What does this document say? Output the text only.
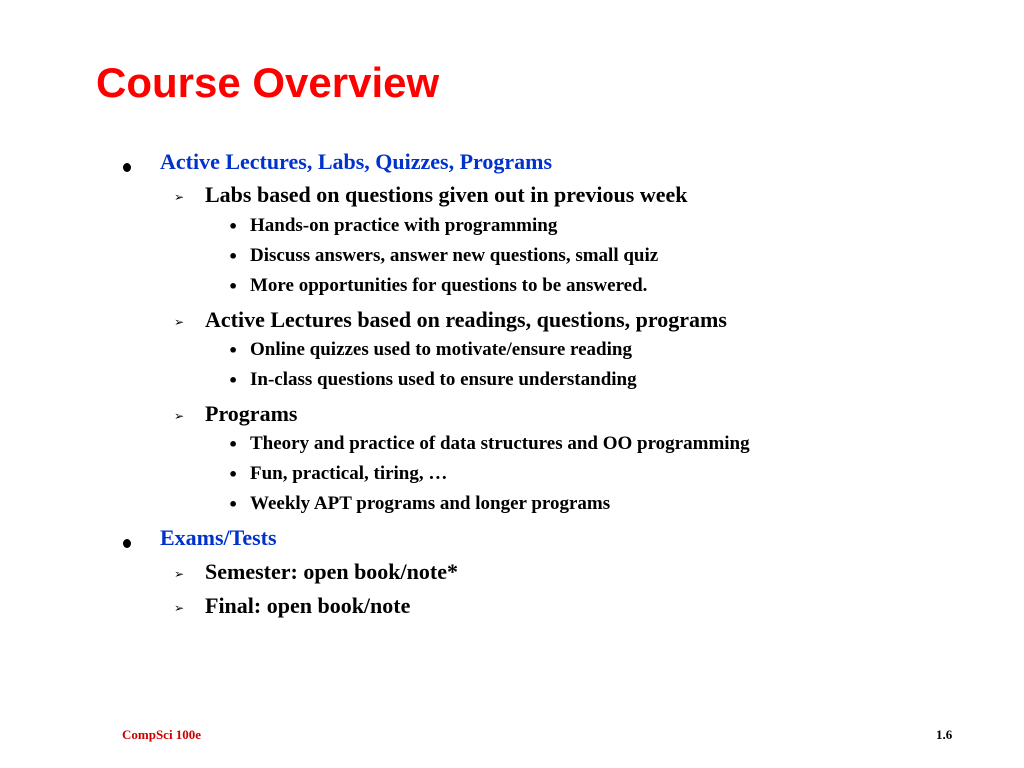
Course Overview
Active Lectures, Labs, Quizzes, Programs
➢ Labs based on questions given out in previous week
• Hands-on practice with programming
• Discuss answers, answer new questions, small quiz
• More opportunities for questions to be answered.
➢ Active Lectures based on readings, questions, programs
• Online quizzes used to motivate/ensure reading
• In-class questions used to ensure understanding
➢ Programs
• Theory and practice of data structures and OO programming
• Fun, practical, tiring, …
• Weekly APT programs and longer programs
Exams/Tests
➢ Semester: open book/note*
➢ Final: open book/note
CompSci 100e	1.6
